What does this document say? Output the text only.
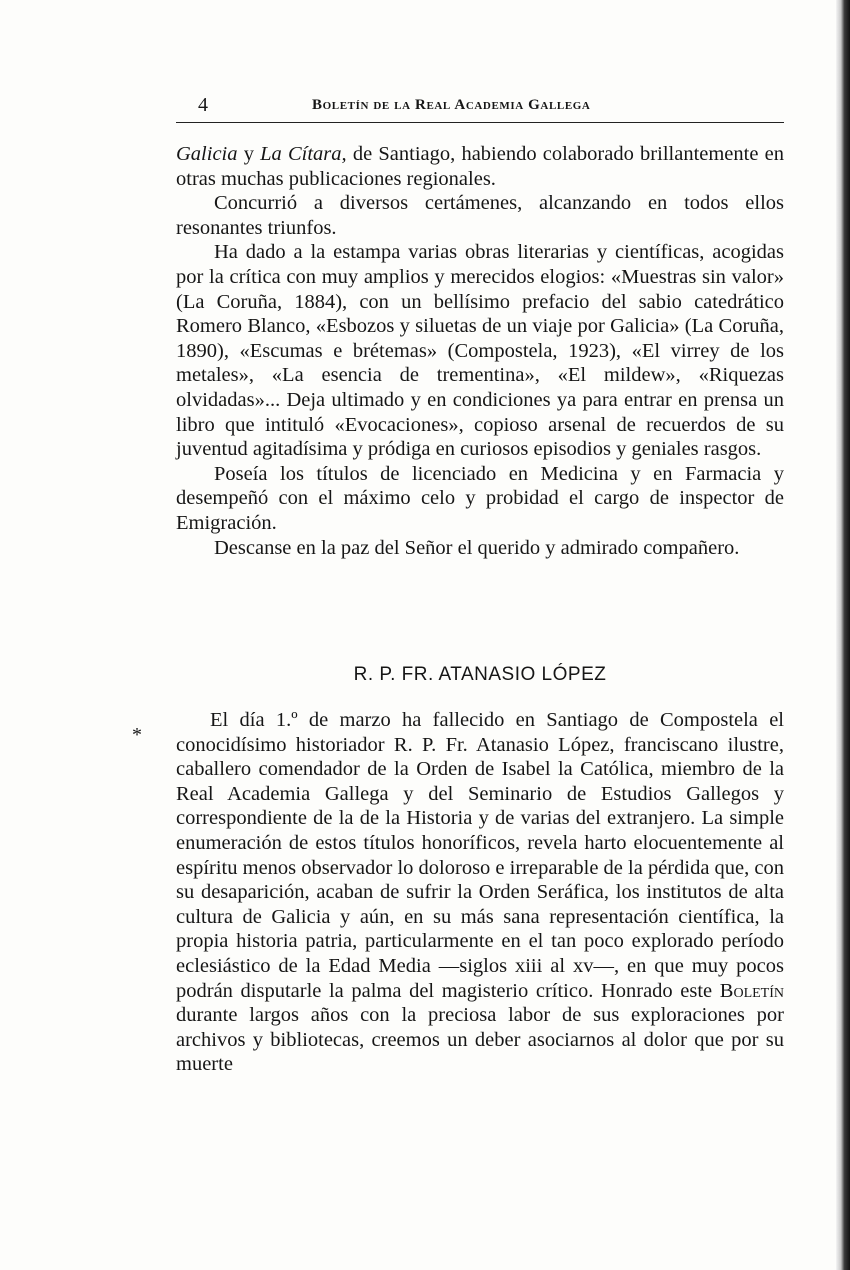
4	Boletín de la Real Academia Gallega

Galicia y La Cítara, de Santiago, habiendo colaborado brillantemente en otras muchas publicaciones regionales.

Concurrió a diversos certámenes, alcanzando en todos ellos resonantes triunfos.

Ha dado a la estampa varias obras literarias y científicas, acogidas por la crítica con muy amplios y merecidos elogios: «Muestras sin valor» (La Coruña, 1884), con un bellísimo prefacio del sabio catedrático Romero Blanco, «Esbozos y siluetas de un viaje por Galicia» (La Coruña, 1890), «Escumas e brétemas» (Compostela, 1923), «El virrey de los metales», «La esencia de trementina», «El mildew», «Riquezas olvidadas»... Deja ultimado y en condiciones ya para entrar en prensa un libro que intituló «Evocaciones», copioso arsenal de recuerdos de su juventud agitadísima y pródiga en curiosos episodios y geniales rasgos.

Poseía los títulos de licenciado en Medicina y en Farmacia y desempeñó con el máximo celo y probidad el cargo de inspector de Emigración.

Descanse en la paz del Señor el querido y admirado compañero.

R. P. FR. ATANASIO LÓPEZ
*

El día 1.º de marzo ha fallecido en Santiago de Compostela el conocidísimo historiador R. P. Fr. Atanasio López, franciscano ilustre, caballero comendador de la Orden de Isabel la Católica, miembro de la Real Academia Gallega y del Seminario de Estudios Gallegos y correspondiente de la de la Historia y de varias del extranjero. La simple enumeración de estos títulos honoríficos, revela harto elocuentemente al espíritu menos observador lo doloroso e irreparable de la pérdida que, con su desaparición, acaban de sufrir la Orden Seráfica, los institutos de alta cultura de Galicia y aún, en su más sana representación científica, la propia historia patria, particularmente en el tan poco explorado período eclesiástico de la Edad Media —siglos xiii al xv—, en que muy pocos podrán disputarle la palma del magisterio crítico. Honrado este Boletín durante largos años con la preciosa labor de sus exploraciones por archivos y bibliotecas, creemos un deber asociarnos al dolor que por su muerte
